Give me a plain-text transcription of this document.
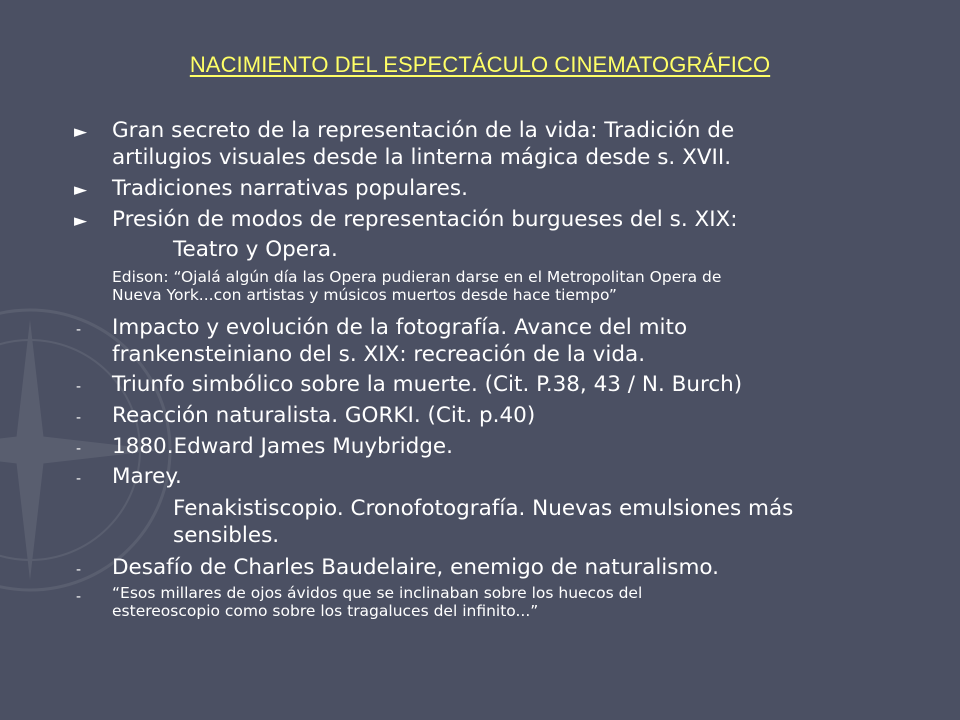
NACIMIENTO DEL ESPECTÁCULO CINEMATOGRÁFICO
► Gran secreto de la representación de la vida: Tradición de
artilugios visuales desde la linterna mágica desde s. XVII.
► Tradiciones narrativas populares.
► Presión de modos de representación burgueses del s. XIX:
Teatro y Opera.
Edison: “Ojalá algún día las Opera pudieran darse en el Metropolitan Opera de
Nueva York...con artistas y músicos muertos desde hace tiempo”
- Impacto y evolución de la fotografía. Avance del mito
frankensteiniano del s. XIX: recreación de la vida.
- Triunfo simbólico sobre la muerte. (Cit. P.38, 43 / N. Burch)
- Reacción naturalista. GORKI. (Cit. p.40)
- 1880.Edward James Muybridge.
- Marey.
Fenakistiscopio. Cronofotografía. Nuevas emulsiones más
sensibles.
- Desafío de Charles Baudelaire, enemigo de naturalismo.
- “Esos millares de ojos ávidos que se inclinaban sobre los huecos del
estereoscopio como sobre los tragaluces del infinito...”
